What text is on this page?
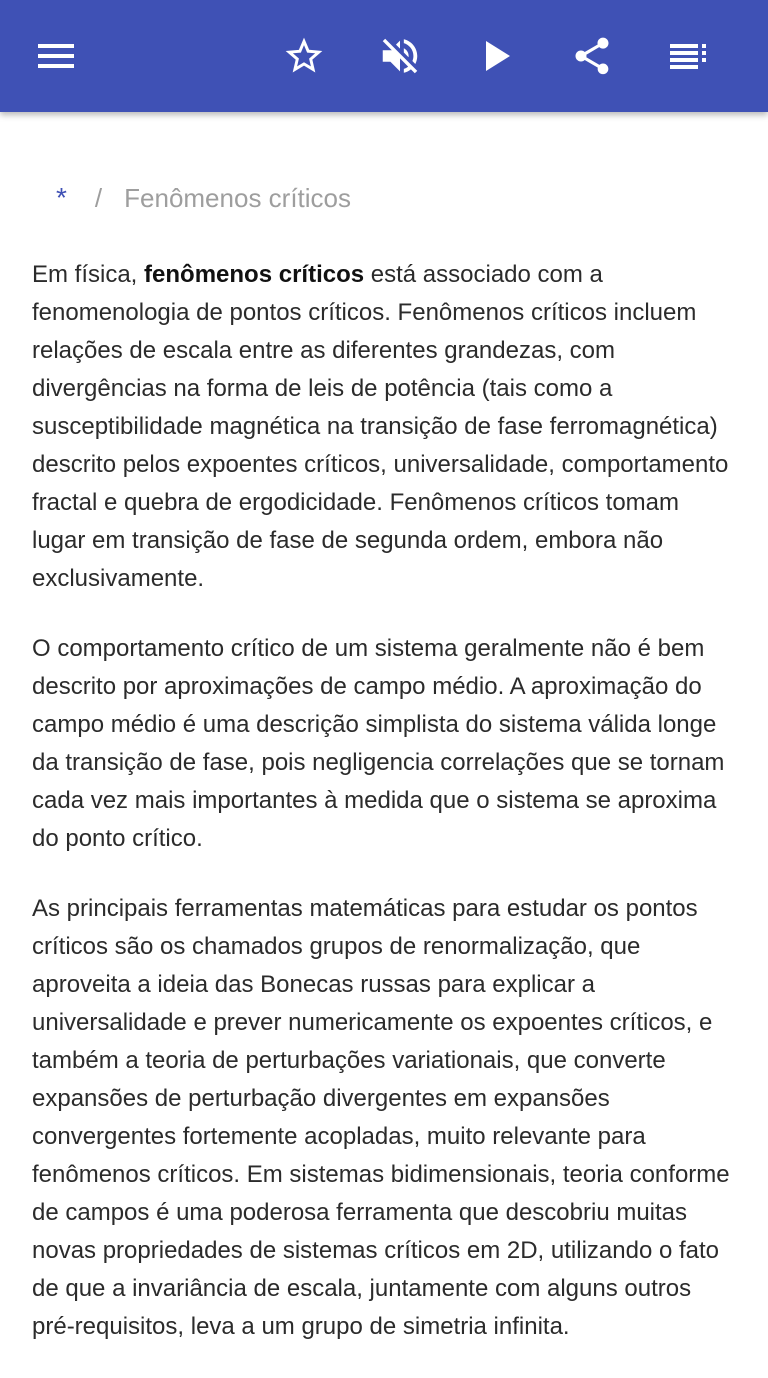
* / Fenômenos críticos

Em física, fenômenos críticos está associado com a fenomenologia de pontos críticos. Fenômenos críticos incluem relações de escala entre as diferentes grandezas, com divergências na forma de leis de potência (tais como a susceptibilidade magnética na transição de fase ferromagnética) descrito pelos expoentes críticos, universalidade, comportamento fractal e quebra de ergodicidade. Fenômenos críticos tomam lugar em transição de fase de segunda ordem, embora não exclusivamente.

O comportamento crítico de um sistema geralmente não é bem descrito por aproximações de campo médio. A aproximação do campo médio é uma descrição simplista do sistema válida longe da transição de fase, pois negligencia correlações que se tornam cada vez mais importantes à medida que o sistema se aproxima do ponto crítico.

As principais ferramentas matemáticas para estudar os pontos críticos são os chamados grupos de renormalização, que aproveita a ideia das Bonecas russas para explicar a universalidade e prever numericamente os expoentes críticos, e também a teoria de perturbações variationais, que converte expansões de perturbação divergentes em expansões convergentes fortemente acopladas, muito relevante para fenômenos críticos. Em sistemas bidimensionais, teoria conforme de campos é uma poderosa ferramenta que descobriu muitas novas propriedades de sistemas críticos em 2D, utilizando o fato de que a invariância de escala, juntamente com alguns outros pré-requisitos, leva a um grupo de simetria infinita.
